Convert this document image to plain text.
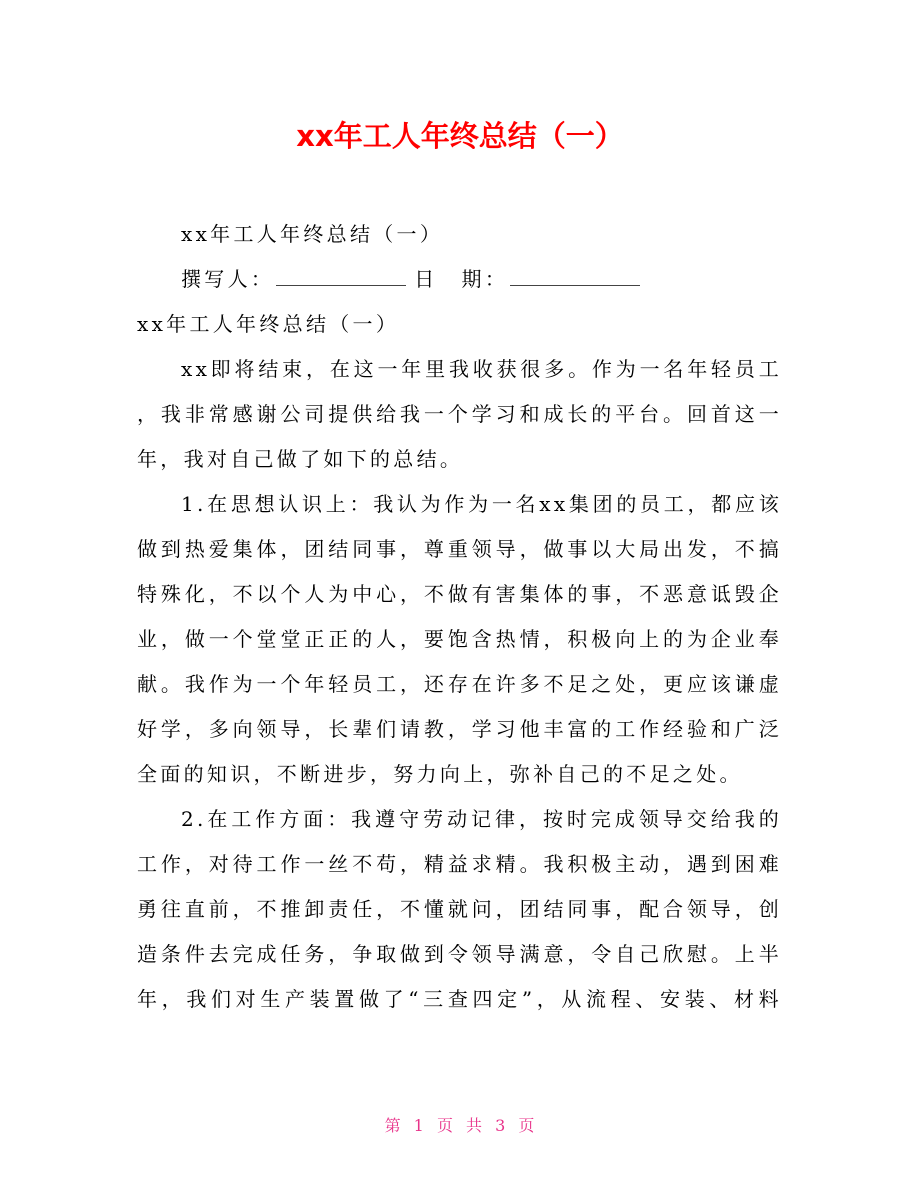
xx年工人年终总结（一）
xx年工人年终总结（一）
撰写人：	日 期：
xx年工人年终总结（一）
xx即将结束，在这一年里我收获很多。作为一名年轻员工
，我非常感谢公司提供给我一个学习和成长的平台。回首这一
年，我对自己做了如下的总结。
1.在思想认识上：我认为作为一名xx集团的员工，都应该
做到热爱集体，团结同事，尊重领导，做事以大局出发，不搞
特殊化，不以个人为中心，不做有害集体的事，不恶意诋毁企
业，做一个堂堂正正的人，要饱含热情，积极向上的为企业奉
献。我作为一个年轻员工，还存在许多不足之处，更应该谦虚
好学，多向领导，长辈们请教，学习他丰富的工作经验和广泛
全面的知识，不断进步，努力向上，弥补自己的不足之处。
2.在工作方面：我遵守劳动记律，按时完成领导交给我的
工作，对待工作一丝不苟，精益求精。我积极主动，遇到困难
勇往直前，不推卸责任，不懂就问，团结同事，配合领导，创
造条件去完成任务，争取做到令领导满意，令自己欣慰。上半
年，我们对生产装置做了“三查四定”，从流程、安装、材料
第 1 页 共 3 页
